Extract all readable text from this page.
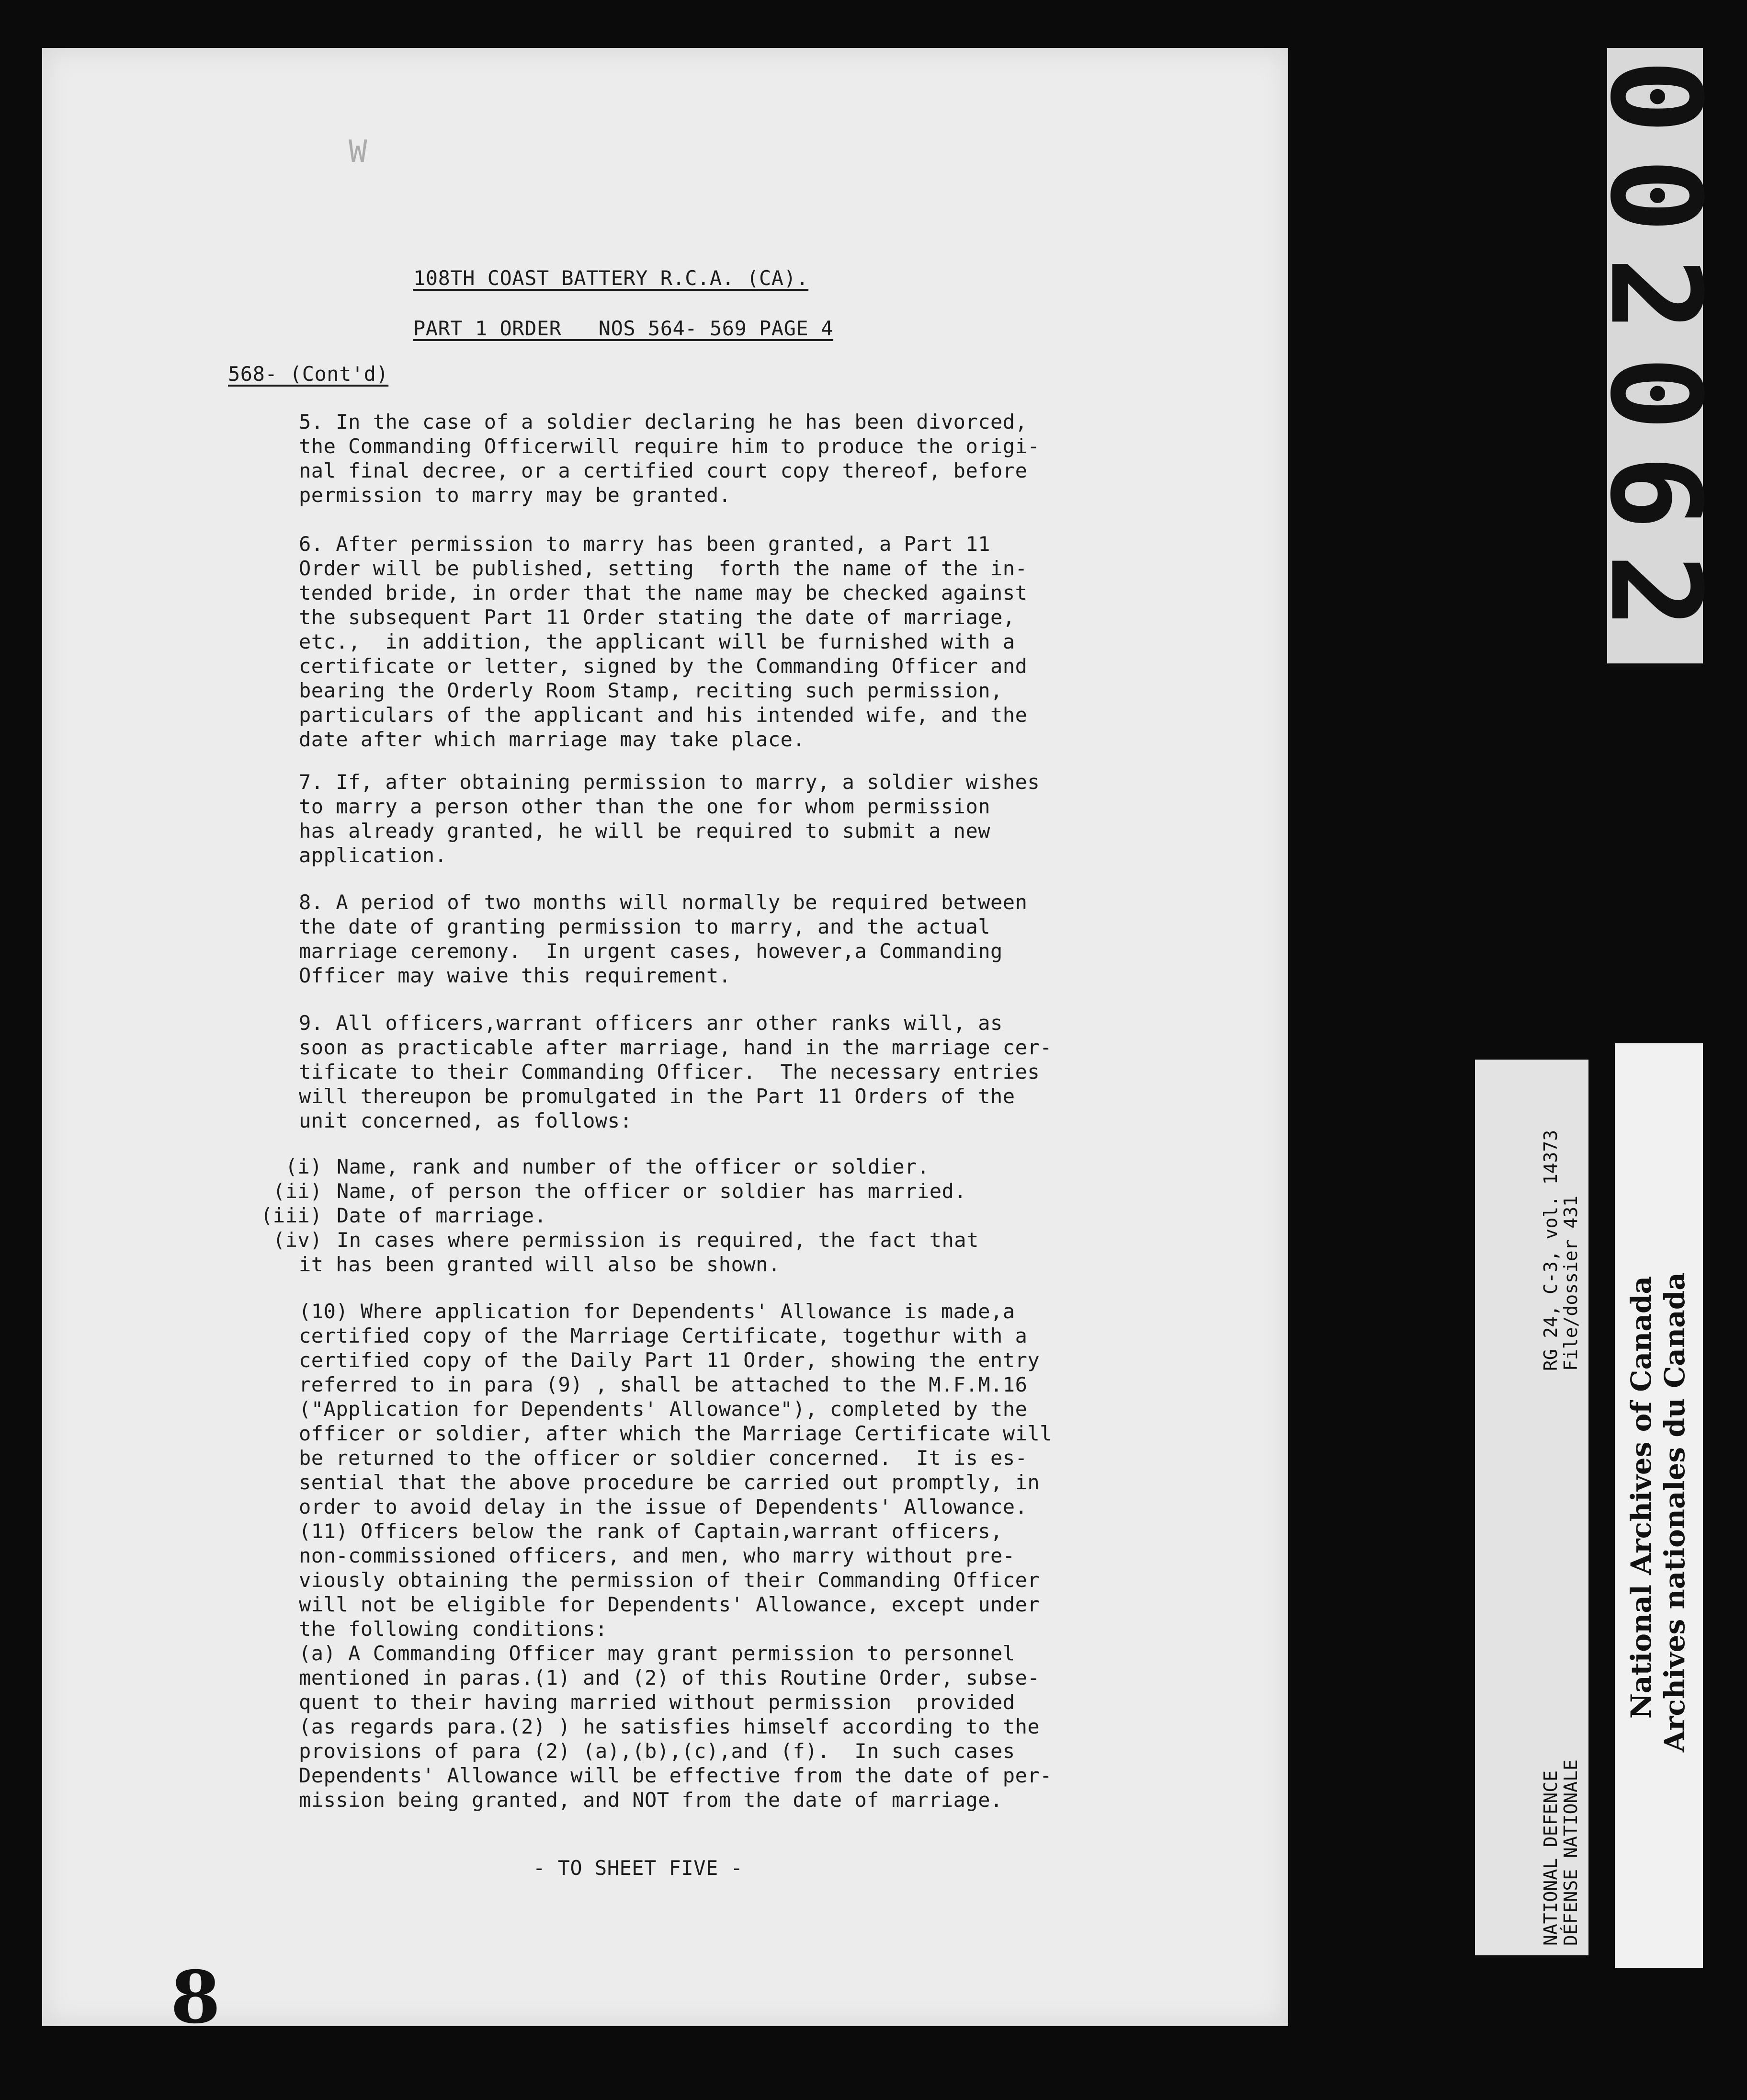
W
108TH COAST BATTERY R.C.A. (CA).
PART 1 ORDER   NOS 564- 569 PAGE 4
568- (Cont'd)
5. In the case of a soldier declaring he has been divorced,
the Commanding Officerwill require him to produce the origi-
nal final decree, or a certified court copy thereof, before
permission to marry may be granted.
6. After permission to marry has been granted, a Part 11
Order will be published, setting  forth the name of the in-
tended bride, in order that the name may be checked against
the subsequent Part 11 Order stating the date of marriage,
etc.,  in addition, the applicant will be furnished with a
certificate or letter, signed by the Commanding Officer and
bearing the Orderly Room Stamp, reciting such permission,
particulars of the applicant and his intended wife, and the
date after which marriage may take place.
7. If, after obtaining permission to marry, a soldier wishes
to marry a person other than the one for whom permission
has already granted, he will be required to submit a new
application.
8. A period of two months will normally be required between
the date of granting permission to marry, and the actual
marriage ceremony.  In urgent cases, however,a Commanding
Officer may waive this requirement.
9. All officers,warrant officers anr other ranks will, as
soon as practicable after marriage, hand in the marriage cer-
tificate to their Commanding Officer.  The necessary entries
will thereupon be promulgated in the Part 11 Orders of the
unit concerned, as follows:
(i) Name, rank and number of the officer or soldier.
(ii) Name, of person the officer or soldier has married.
(iii) Date of marriage.
(iv) In cases where permission is required, the fact that
it has been granted will also be shown.
(10) Where application for Dependents' Allowance is made,a
certified copy of the Marriage Certificate, togethur with a
certified copy of the Daily Part 11 Order, showing the entry
referred to in para (9) , shall be attached to the M.F.M.16
("Application for Dependents' Allowance"), completed by the
officer or soldier, after which the Marriage Certificate will
be returned to the officer or soldier concerned.  It is es-
sential that the above procedure be carried out promptly, in
order to avoid delay in the issue of Dependents' Allowance.
(11) Officers below the rank of Captain,warrant officers,
non-commissioned officers, and men, who marry without pre-
viously obtaining the permission of their Commanding Officer
will not be eligible for Dependents' Allowance, except under
the following conditions:
(a) A Commanding Officer may grant permission to personnel
mentioned in paras.(1) and (2) of this Routine Order, subse-
quent to their having married without permission  provided
(as regards para.(2) ) he satisfies himself according to the
provisions of para (2) (a),(b),(c),and (f).  In such cases
Dependents' Allowance will be effective from the date of per-
mission being granted, and NOT from the date of marriage.
- TO SHEET FIVE -
8
002062
NATIONAL DEFENCE
DÉFENSE NATIONALE
RG 24, C-3, vol. 14373
File/dossier 431 National Archives of Canada Archives nationales du Canada
